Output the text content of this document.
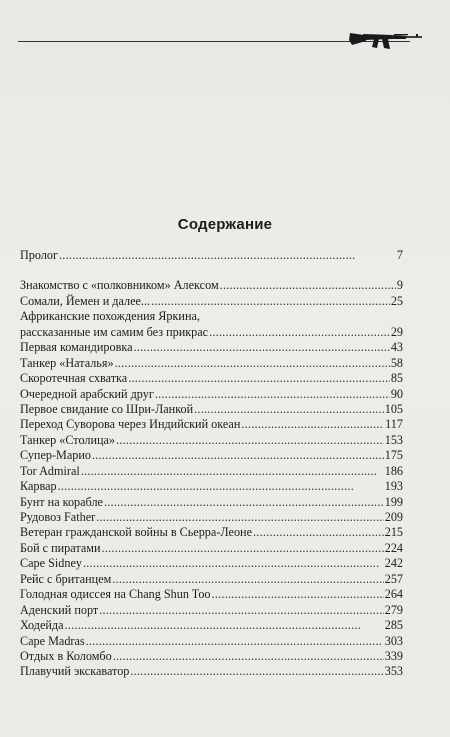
Содержание
Пролог . . .	7
Знакомство с «полковником» Алексом . . .	9
Сомали, Йемен и далее... . . .	25
Африканские похождения Яркина,
рассказанные им самим без прикрас . . .	29
Первая командировка . . .	43
Танкер «Наталья» . . .	58
Скоротечная схватка . . .	85
Очередной арабский друг . . .	90
Первое свидание со Шри-Ланкой . . .	105
Переход Суворова через Индийский океан . . .	117
Танкер «Столица» . . .	153
Супер-Марио . . .	175
Tor Admiral . . .	186
Карвар . . .	193
Бунт на корабле . . .	199
Рудовоз Father . . .	209
Ветеран гражданской войны в Сьерра-Леоне . . .	215
Бой с пиратами . . .	224
Cape Sidney . . .	242
Рейс с британцем . . .	257
Голодная одиссея на Chang Shun Too . . .	264
Аденский порт . . .	279
Ходейда . . .	285
Cape Madras . . .	303
Отдых в Коломбо . . .	339
Плавучий экскаватор . . .	353
